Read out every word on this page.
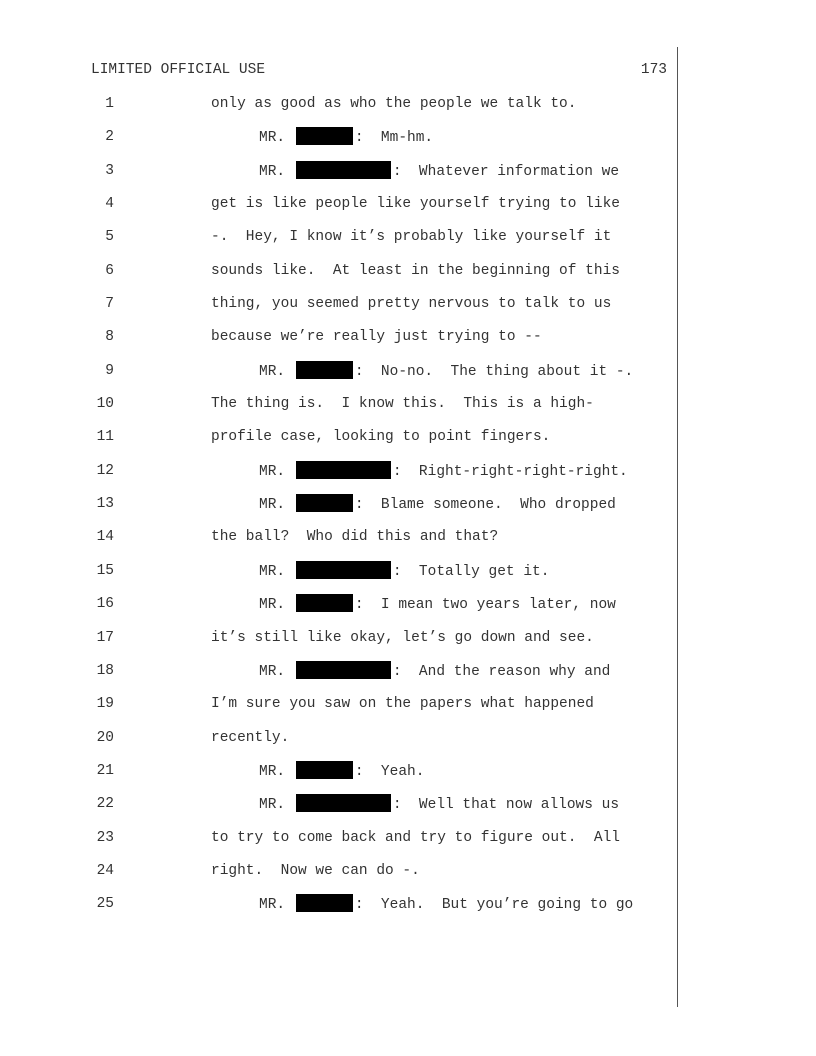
LIMITED OFFICIAL USE	173
1	only as good as who the people we talk to.
2	MR.	:  Mm-hm.
3	MR.	:  Whatever information we
4	get is like people like yourself trying to like
5	-.  Hey, I know it’s probably like yourself it
6	sounds like.  At least in the beginning of this
7	thing, you seemed pretty nervous to talk to us
8	because we’re really just trying to --
9	MR.	:  No-no.  The thing about it -.
10	The thing is.  I know this.  This is a high-
11	profile case, looking to point fingers.
12	MR.	:  Right-right-right-right.
13	MR.	:  Blame someone.  Who dropped
14	the ball?  Who did this and that?
15	MR.	:  Totally get it.
16	MR.	:  I mean two years later, now
17	it’s still like okay, let’s go down and see.
18	MR.	:  And the reason why and
19	I’m sure you saw on the papers what happened
20	recently.
21	MR.	:  Yeah.
22	MR.	:  Well that now allows us
23	to try to come back and try to figure out.  All
24	right.  Now we can do -.
25	MR.	:  Yeah.  But you’re going to go
